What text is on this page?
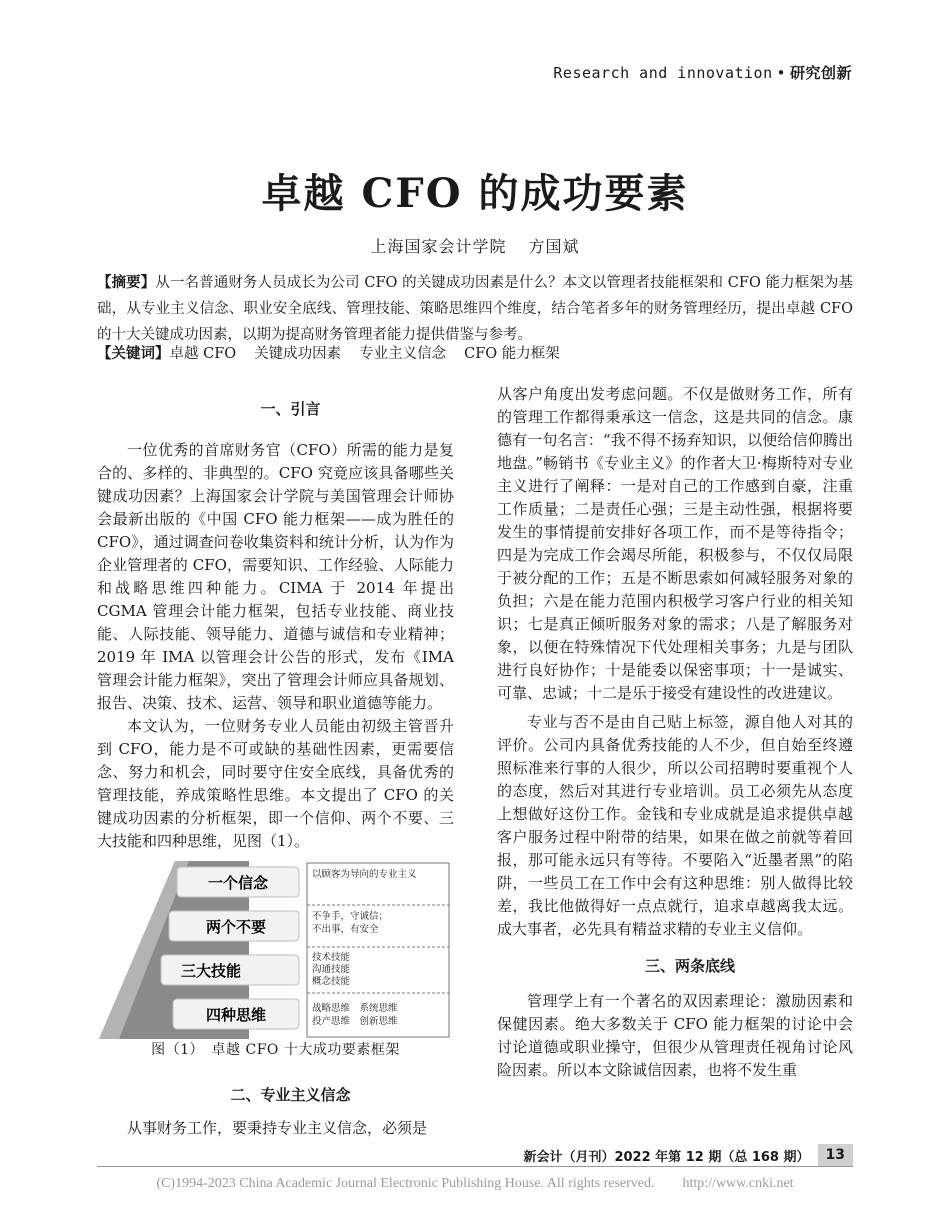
Research and innovation • 研究创新
卓越 CFO 的成功要素
上海国家会计学院 方国斌
【摘要】从一名普通财务人员成长为公司 CFO 的关键成功因素是什么？本文以管理者技能框架和 CFO 能力框架为基础，从专业主义信念、职业安全底线、管理技能、策略思维四个维度，结合笔者多年的财务管理经历，提出卓越 CFO 的十大关键成功因素，以期为提高财务管理者能力提供借鉴与参考。
【关键词】卓越 CFO 关键成功因素 专业主义信念 CFO 能力框架

一、引言

一位优秀的首席财务官（CFO）所需的能力是复合的、多样的、非典型的。CFO 究竟应该具备哪些关键成功因素？上海国家会计学院与美国管理会计师协会最新出版的《中国 CFO 能力框架——成为胜任的 CFO》，通过调查问卷收集资料和统计分析，认为作为企业管理者的 CFO，需要知识、工作经验、人际能力和战略思维四种能力。CIMA 于 2014 年提出 CGMA 管理会计能力框架，包括专业技能、商业技能、人际技能、领导能力、道德与诚信和专业精神；2019 年 IMA 以管理会计公告的形式，发布《IMA 管理会计能力框架》，突出了管理会计师应具备规划、报告、决策、技术、运营、领导和职业道德等能力。

本文认为，一位财务专业人员能由初级主管晋升到 CFO，能力是不可或缺的基础性因素，更需要信念、努力和机会，同时要守住安全底线，具备优秀的管理技能，养成策略性思维。本文提出了 CFO 的关键成功因素的分析框架，即一个信仰、两个不要、三大技能和四种思维，见图（1）。

一个信念
两个不要
三大技能
四种思维
以顾客为导向的专业主义
不争手，守诚信；
不出事，有安全
技术技能
沟通技能
概念技能
战略思维　系统思维
投产思维　创新思维

图（1）　卓越 CFO 十大成功要素框架

二、专业主义信念

从事财务工作，要秉持专业主义信念，必须是

从客户角度出发考虑问题。不仅是做财务工作，所有的管理工作都得秉承这一信念，这是共同的信念。康德有一句名言：“我不得不扬弃知识，以便给信仰腾出地盘。”畅销书《专业主义》的作者大卫·梅斯特对专业主义进行了阐释：一是对自己的工作感到自豪，注重工作质量；二是责任心强；三是主动性强，根据将要发生的事情提前安排好各项工作，而不是等待指令；四是为完成工作会竭尽所能，积极参与，不仅仅局限于被分配的工作；五是不断思索如何减轻服务对象的负担；六是在能力范围内积极学习客户行业的相关知识；七是真正倾听服务对象的需求；八是了解服务对象，以便在特殊情况下代处理相关事务；九是与团队进行良好协作；十是能委以保密事项；十一是诚实、可靠、忠诚；十二是乐于接受有建设性的改进建议。

专业与否不是由自己贴上标签，源自他人对其的评价。公司内具备优秀技能的人不少，但自始至终遵照标准来行事的人很少，所以公司招聘时要重视个人的态度，然后对其进行专业培训。员工必须先从态度上想做好这份工作。金钱和专业成就是追求提供卓越客户服务过程中附带的结果，如果在做之前就等着回报，那可能永远只有等待。不要陷入“近墨者黑”的陷阱，一些员工在工作中会有这种思维：别人做得比较差，我比他做得好一点点就行，追求卓越离我太远。成大事者，必先具有精益求精的专业主义信仰。

三、两条底线

管理学上有一个著名的双因素理论：激励因素和保健因素。绝大多数关于 CFO 能力框架的讨论中会讨论道德或职业操守，但很少从管理责任视角讨论风险因素。所以本文除诚信因素，也将不发生重

新会计（月刊）2022 年第 12 期（总 168 期）	13
(C)1994-2023 China Academic Journal Electronic Publishing House. All rights reserved.　　http://www.cnki.net
